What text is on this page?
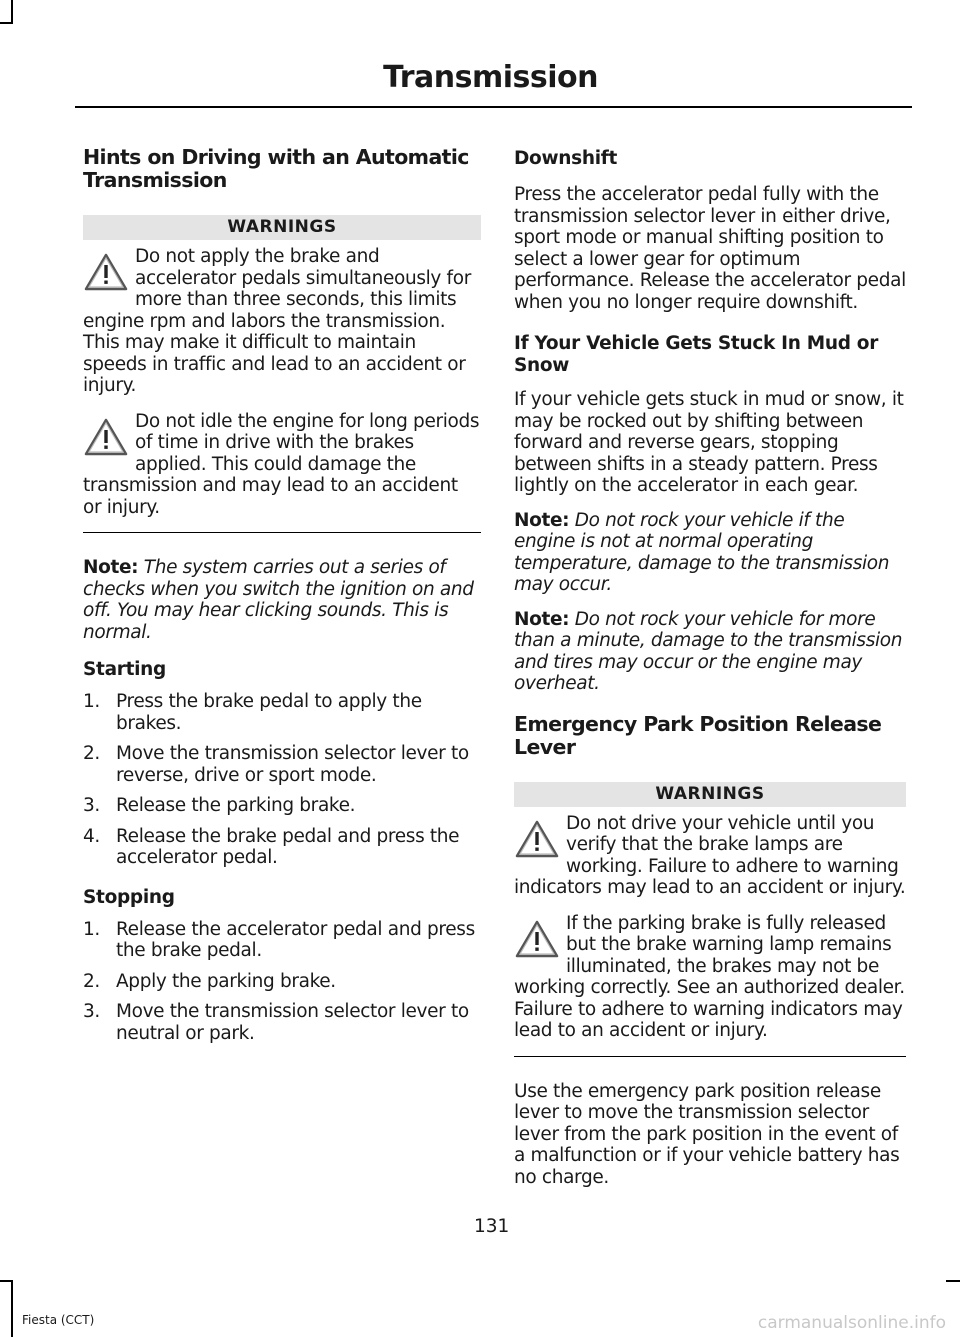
Transmission
Hints on Driving with an Automatic Transmission
WARNINGS
Do not apply the brake and accelerator pedals simultaneously for more than three seconds, this limits engine rpm and labors the transmission. This may make it difficult to maintain speeds in traffic and lead to an accident or injury.
Do not idle the engine for long periods of time in drive with the brakes applied. This could damage the transmission and may lead to an accident or injury.

Note: The system carries out a series of checks when you switch the ignition on and off. You may hear clicking sounds. This is normal.

Starting
1. Press the brake pedal to apply the brakes.
2. Move the transmission selector lever to reverse, drive or sport mode.
3. Release the parking brake.
4. Release the brake pedal and press the accelerator pedal.
Stopping
1. Release the accelerator pedal and press the brake pedal.
2. Apply the parking brake.
3. Move the transmission selector lever to neutral or park.
Downshift

Press the accelerator pedal fully with the transmission selector lever in either drive, sport mode or manual shifting position to select a lower gear for optimum performance. Release the accelerator pedal when you no longer require downshift.

If Your Vehicle Gets Stuck In Mud or Snow

If your vehicle gets stuck in mud or snow, it may be rocked out by shifting between forward and reverse gears, stopping between shifts in a steady pattern. Press lightly on the accelerator in each gear.

Note: Do not rock your vehicle if the engine is not at normal operating temperature, damage to the transmission may occur.

Note: Do not rock your vehicle for more than a minute, damage to the transmission and tires may occur or the engine may overheat.

Emergency Park Position Release Lever
WARNINGS
Do not drive your vehicle until you verify that the brake lamps are working. Failure to adhere to warning indicators may lead to an accident or injury.
If the parking brake is fully released but the brake warning lamp remains illuminated, the brakes may not be working correctly. See an authorized dealer. Failure to adhere to warning indicators may lead to an accident or injury.

Use the emergency park position release lever to move the transmission selector lever from the park position in the event of a malfunction or if your vehicle battery has no charge.

131
Fiesta (CCT)	carmanualsonline.info
